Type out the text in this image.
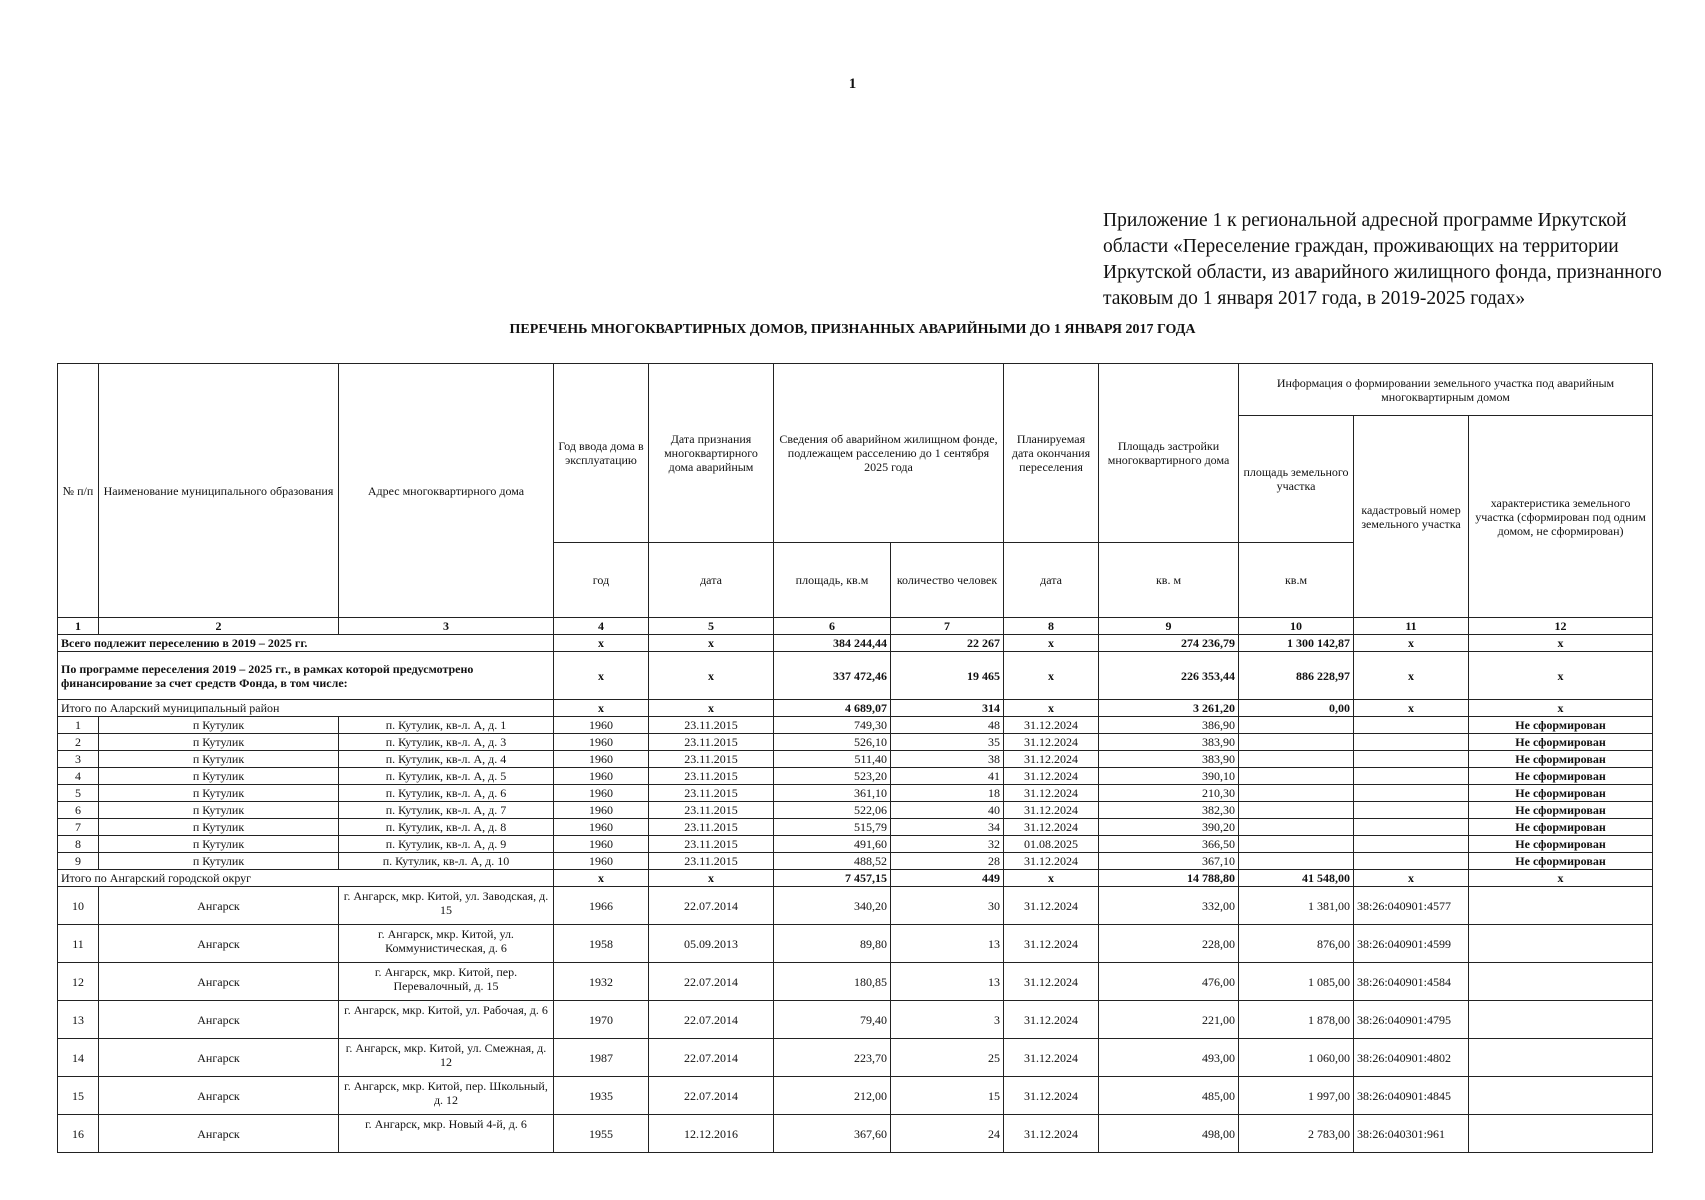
1
Приложение 1 к региональной адресной программе Иркутской области «Переселение граждан, проживающих на территории Иркутской области, из аварийного жилищного фонда, признанного таковым до 1 января 2017 года, в 2019-2025 годах»
ПЕРЕЧЕНЬ МНОГОКВАРТИРНЫХ ДОМОВ, ПРИЗНАННЫХ АВАРИЙНЫМИ ДО 1 ЯНВАРЯ 2017 ГОДА
№ п/п	Наименование муниципального образования	Адрес многоквартирного дома	Год ввода дома в эксплуатацию	Дата признания многоквартирного дома аварийным	Сведения об аварийном жилищном фонде, подлежащем расселению до 1 сентября 2025 года		Планируемая дата окончания переселения	Площадь застройки многоквартирного дома	Информация о формировании земельного участка под аварийным многоквартирным домом		
									площадь земельного участка	кадастровый номер земельного участка	характеристика земельного участка (сформирован под одним домом, не сформирован)
			год	дата	площадь, кв.м	количество человек	дата	кв. м	кв.м		
1	2	3	4	5	6	7	8	9	10	11	12
Всего подлежит переселению в 2019 – 2025 гг.			x	x	384 244,44	22 267	x	274 236,79	1 300 142,87	x	x
По программе переселения 2019 – 2025 гг., в рамках которой предусмотрено финансирование за счет средств Фонда, в том числе:			x	x	337 472,46	19 465	x	226 353,44	886 228,97	x	x
Итого по Аларский муниципальный район			x	x	4 689,07	314	x	3 261,20	0,00	x	x
1	п Кутулик	п. Кутулик, кв-л. А, д. 1	1960	23.11.2015	749,30	48	31.12.2024	386,90			Не сформирован
2	п Кутулик	п. Кутулик, кв-л. А, д. 3	1960	23.11.2015	526,10	35	31.12.2024	383,90			Не сформирован
3	п Кутулик	п. Кутулик, кв-л. А, д. 4	1960	23.11.2015	511,40	38	31.12.2024	383,90			Не сформирован
4	п Кутулик	п. Кутулик, кв-л. А, д. 5	1960	23.11.2015	523,20	41	31.12.2024	390,10			Не сформирован
5	п Кутулик	п. Кутулик, кв-л. А, д. 6	1960	23.11.2015	361,10	18	31.12.2024	210,30			Не сформирован
6	п Кутулик	п. Кутулик, кв-л. А, д. 7	1960	23.11.2015	522,06	40	31.12.2024	382,30			Не сформирован
7	п Кутулик	п. Кутулик, кв-л. А, д. 8	1960	23.11.2015	515,79	34	31.12.2024	390,20			Не сформирован
8	п Кутулик	п. Кутулик, кв-л. А, д. 9	1960	23.11.2015	491,60	32	01.08.2025	366,50			Не сформирован
9	п Кутулик	п. Кутулик, кв-л. А, д. 10	1960	23.11.2015	488,52	28	31.12.2024	367,10			Не сформирован
Итого по Ангарский городской округ			x	x	7 457,15	449	x	14 788,80	41 548,00	x	x
10	Ангарск	г. Ангарск, мкр. Китой, ул. Заводская, д. 15	1966	22.07.2014	340,20	30	31.12.2024	332,00	1 381,00	38:26:040901:4577	
11	Ангарск	г. Ангарск, мкр. Китой, ул. Коммунистическая, д. 6	1958	05.09.2013	89,80	13	31.12.2024	228,00	876,00	38:26:040901:4599	
12	Ангарск	г. Ангарск, мкр. Китой, пер. Перевалочный, д. 15	1932	22.07.2014	180,85	13	31.12.2024	476,00	1 085,00	38:26:040901:4584	
13	Ангарск	г. Ангарск, мкр. Китой, ул. Рабочая, д. 6	1970	22.07.2014	79,40	3	31.12.2024	221,00	1 878,00	38:26:040901:4795	
14	Ангарск	г. Ангарск, мкр. Китой, ул. Смежная, д. 12	1987	22.07.2014	223,70	25	31.12.2024	493,00	1 060,00	38:26:040901:4802	
15	Ангарск	г. Ангарск, мкр. Китой, пер. Школьный, д. 12	1935	22.07.2014	212,00	15	31.12.2024	485,00	1 997,00	38:26:040901:4845	
16	Ангарск	г. Ангарск, мкр. Новый 4-й, д. 6	1955	12.12.2016	367,60	24	31.12.2024	498,00	2 783,00	38:26:040301:961	
